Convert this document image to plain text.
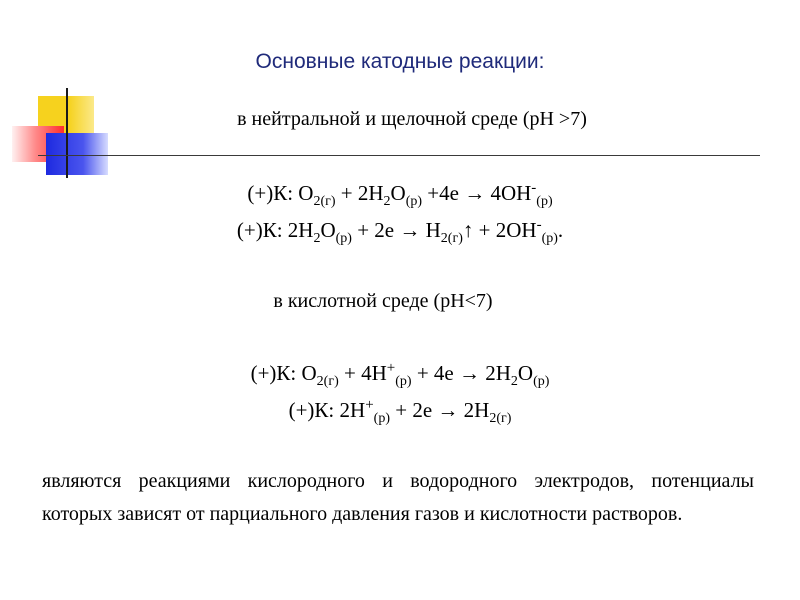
Основные катодные реакции:
в нейтральной и щелочной среде (рН >7)
(+)К: $O_{2(г)} + 2H_2O_{(р)} +4e \to 4OH^-_{(р)}$
(+)К: $2H_2O_{(р)} + 2e$ → $H_{2(г)}↑ + 2OH^-_{(р)}$.
в кислотной среде (рН<7)
(+)К: $O_{2(г)} + 4H^+_{(р)} + 4e \to 2H_2O_{(р)}$
(+)К: $2H^+_{(р)} + 2e \to 2H_{2(г)}$
являются реакциями кислородного и водородного электродов, потенциалы которых зависят от парциального давления газов и кислотности растворов.
